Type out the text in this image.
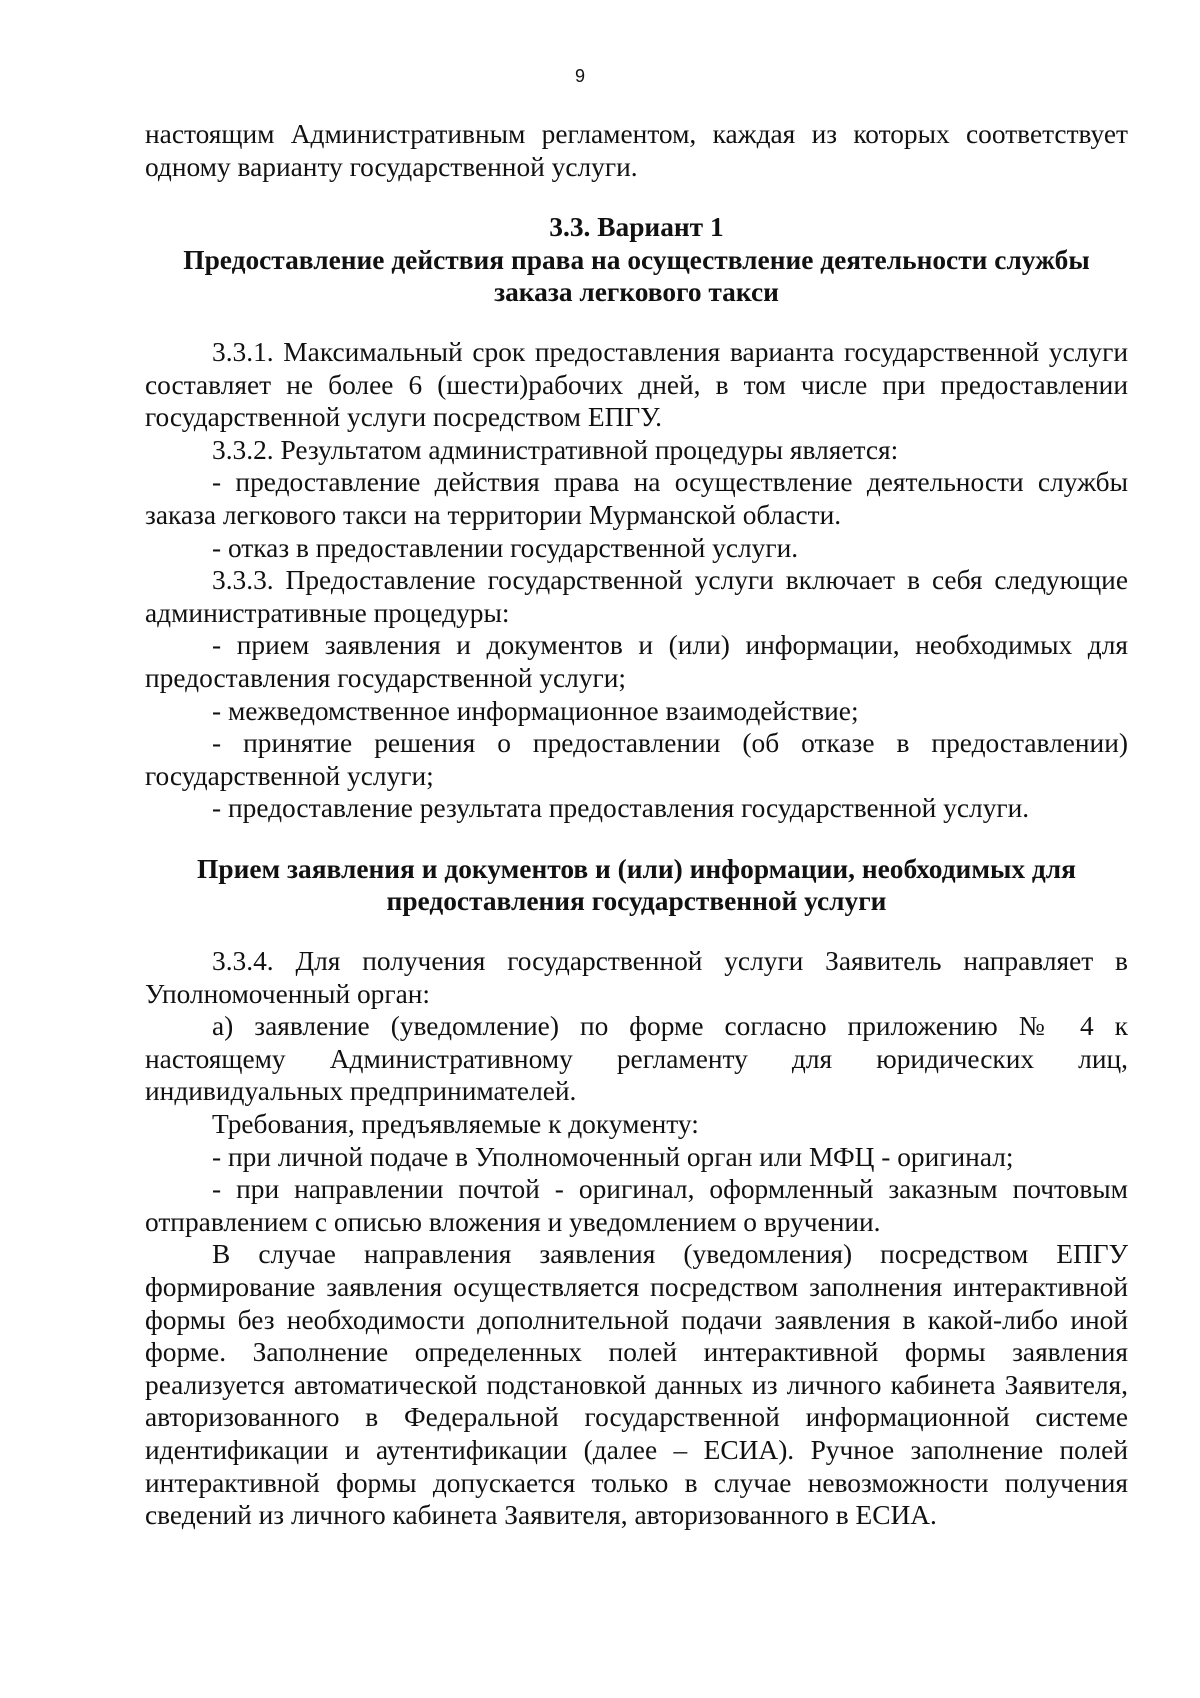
9

настоящим Административным регламентом, каждая из которых соответствует одному варианту государственной услуги.

3.3. Вариант 1
Предоставление действия права на осуществление деятельности службы
заказа легкового такси

3.3.1. Максимальный срок предоставления варианта государственной услуги составляет не более 6 (шести)рабочих дней, в том числе при предоставлении государственной услуги посредством ЕПГУ.

3.3.2. Результатом административной процедуры является:

- предоставление действия права на осуществление деятельности службы заказа легкового такси на территории Мурманской области.

- отказ в предоставлении государственной услуги.

3.3.3. Предоставление государственной услуги включает в себя следующие административные процедуры:

- прием заявления и документов и (или) информации, необходимых для предоставления государственной услуги;

- межведомственное информационное взаимодействие;

- принятие решения о предоставлении (об отказе в предоставлении) государственной услуги;

- предоставление результата предоставления государственной услуги.

Прием заявления и документов и (или) информации, необходимых для
предоставления государственной услуги

3.3.4. Для получения государственной услуги Заявитель направляет в Уполномоченный орган:

а) заявление (уведомление) по форме согласно приложению № 4 к настоящему Административному регламенту для юридических лиц, индивидуальных предпринимателей.

Требования, предъявляемые к документу:

- при личной подаче в Уполномоченный орган или МФЦ - оригинал;

- при направлении почтой - оригинал, оформленный заказным почтовым отправлением с описью вложения и уведомлением о вручении.

В случае направления заявления (уведомления) посредством ЕПГУ формирование заявления осуществляется посредством заполнения интерактивной формы без необходимости дополнительной подачи заявления в какой-либо иной форме. Заполнение определенных полей интерактивной формы заявления реализуется автоматической подстановкой данных из личного кабинета Заявителя, авторизованного в Федеральной государственной информационной системе идентификации и аутентификации (далее – ЕСИА). Ручное заполнение полей интерактивной формы допускается только в случае невозможности получения сведений из личного кабинета Заявителя, авторизованного в ЕСИА.
